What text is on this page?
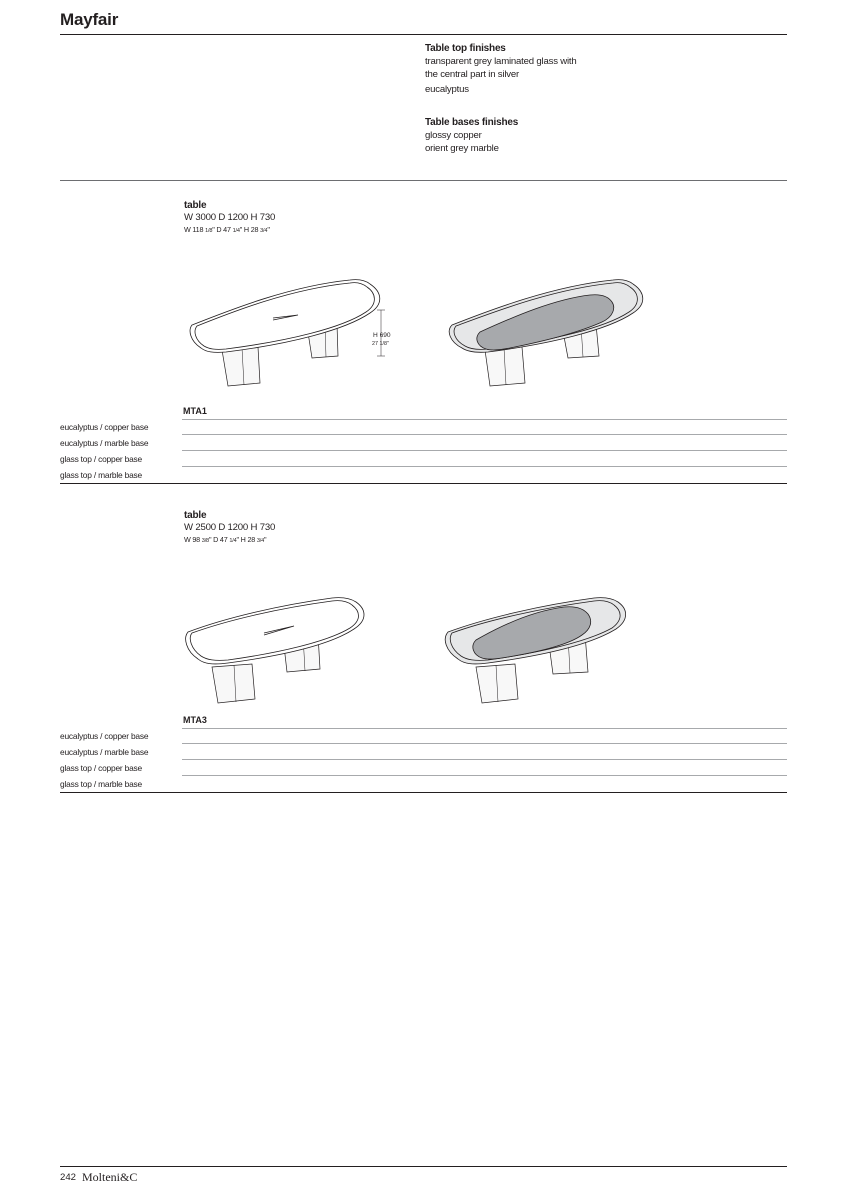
Mayfair
Table top finishes
transparent grey laminated glass with
the central part in silver
eucalyptus
Table bases finishes
glossy copper
orient grey marble
table
W 3000 D 1200 H 730
W 118 1/8" D 47 1/4" H 28 3/4"
H 690
27 1/8"
MTA1
eucalyptus / copper base
eucalyptus / marble base
glass top / copper base
glass top / marble base
table
W 2500 D 1200 H 730
W 98 3/8" D 47 1/4" H 28 3/4"
MTA3
eucalyptus / copper base
eucalyptus / marble base
glass top / copper base
glass top / marble base
242 Molteni&C
